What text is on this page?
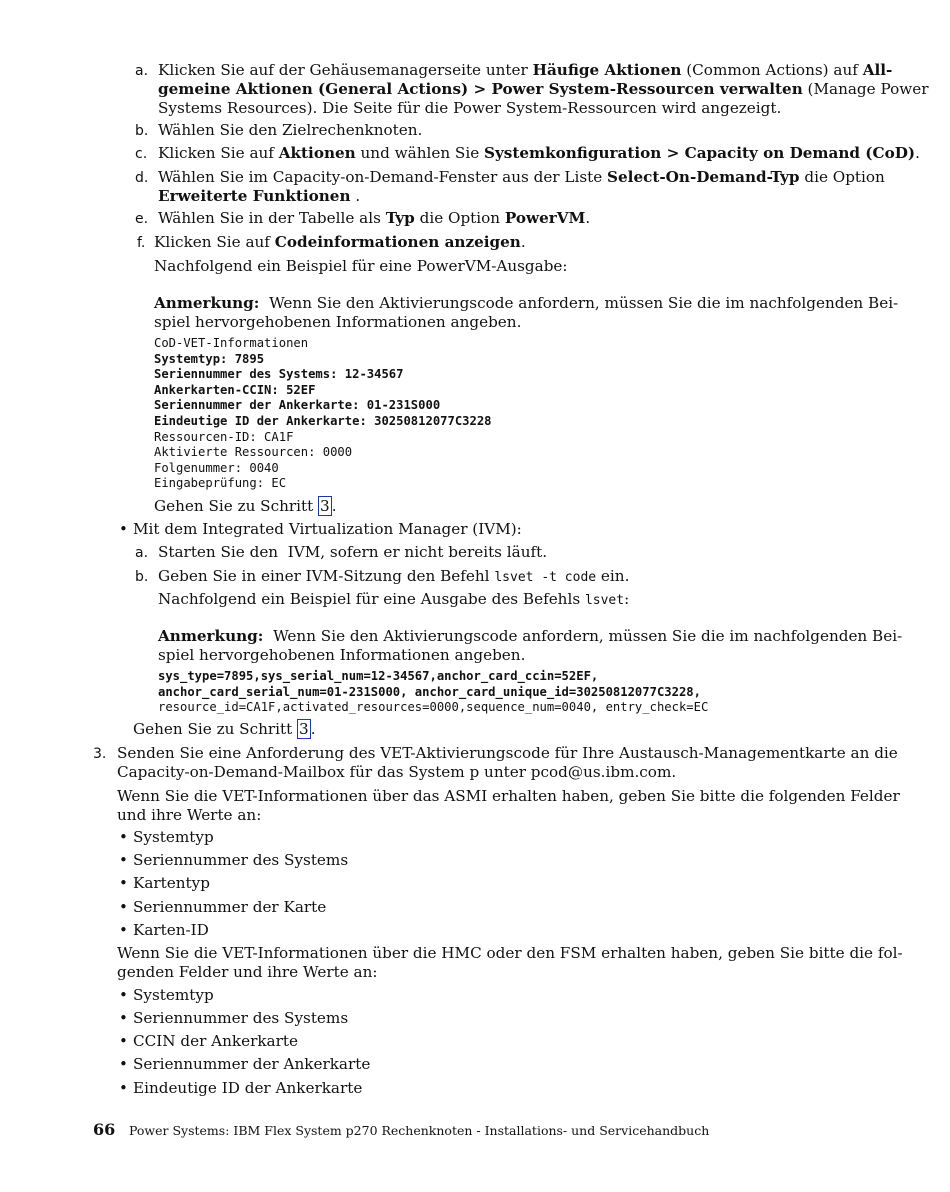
a. Klicken Sie auf der Gehäusemanagerseite unter Häufige Aktionen (Common Actions) auf All-
gemeine Aktionen (General Actions) > Power System-Ressourcen verwalten (Manage Power
Systems Resources). Die Seite für die Power System-Ressourcen wird angezeigt.
b. Wählen Sie den Zielrechenknoten.
c. Klicken Sie auf Aktionen und wählen Sie Systemkonfiguration > Capacity on Demand (CoD).
d. Wählen Sie im Capacity-on-Demand-Fenster aus der Liste Select-On-Demand-Typ die Option
Erweiterte Funktionen .
e. Wählen Sie in der Tabelle als Typ die Option PowerVM.
f. Klicken Sie auf Codeinformationen anzeigen.
Nachfolgend ein Beispiel für eine PowerVM-Ausgabe:
Anmerkung: Wenn Sie den Aktivierungscode anfordern, müssen Sie die im nachfolgenden Bei-
spiel hervorgehobenen Informationen angeben.
CoD-VET-Informationen
Systemtyp: 7895
Seriennummer des Systems: 12-34567
Ankerkarten-CCIN: 52EF
Seriennummer der Ankerkarte: 01-231S000
Eindeutige ID der Ankerkarte: 30250812077C3228
Ressourcen-ID: CA1F
Aktivierte Ressourcen: 0000
Folgenummer: 0040
Eingabeprüfung: EC
Gehen Sie zu Schritt 3 .
• Mit dem Integrated Virtualization Manager (IVM):
a. Starten Sie den  IVM, sofern er nicht bereits läuft.
b. Geben Sie in einer IVM-Sitzung den Befehl lsvet -t code ein.
Nachfolgend ein Beispiel für eine Ausgabe des Befehls lsvet:
Anmerkung: Wenn Sie den Aktivierungscode anfordern, müssen Sie die im nachfolgenden Bei-
spiel hervorgehobenen Informationen angeben.
sys_type=7895,sys_serial_num=12-34567,anchor_card_ccin=52EF,
anchor_card_serial_num=01-231S000, anchor_card_unique_id=30250812077C3228,
resource_id=CA1F,activated_resources=0000,sequence_num=0040, entry_check=EC
Gehen Sie zu Schritt 3 .
3. Senden Sie eine Anforderung des VET-Aktivierungscode für Ihre Austausch-Managementkarte an die
Capacity-on-Demand-Mailbox für das System p unter pcod@us.ibm.com.
Wenn Sie die VET-Informationen über das ASMI erhalten haben, geben Sie bitte die folgenden Felder
und ihre Werte an:
• Systemtyp
• Seriennummer des Systems
• Kartentyp
• Seriennummer der Karte
• Karten-ID
Wenn Sie die VET-Informationen über die HMC oder den FSM erhalten haben, geben Sie bitte die fol-
genden Felder und ihre Werte an:
• Systemtyp
• Seriennummer des Systems
• CCIN der Ankerkarte
• Seriennummer der Ankerkarte
• Eindeutige ID der Ankerkarte
66 Power Systems: IBM Flex System p270 Rechenknoten - Installations- und Servicehandbuch
